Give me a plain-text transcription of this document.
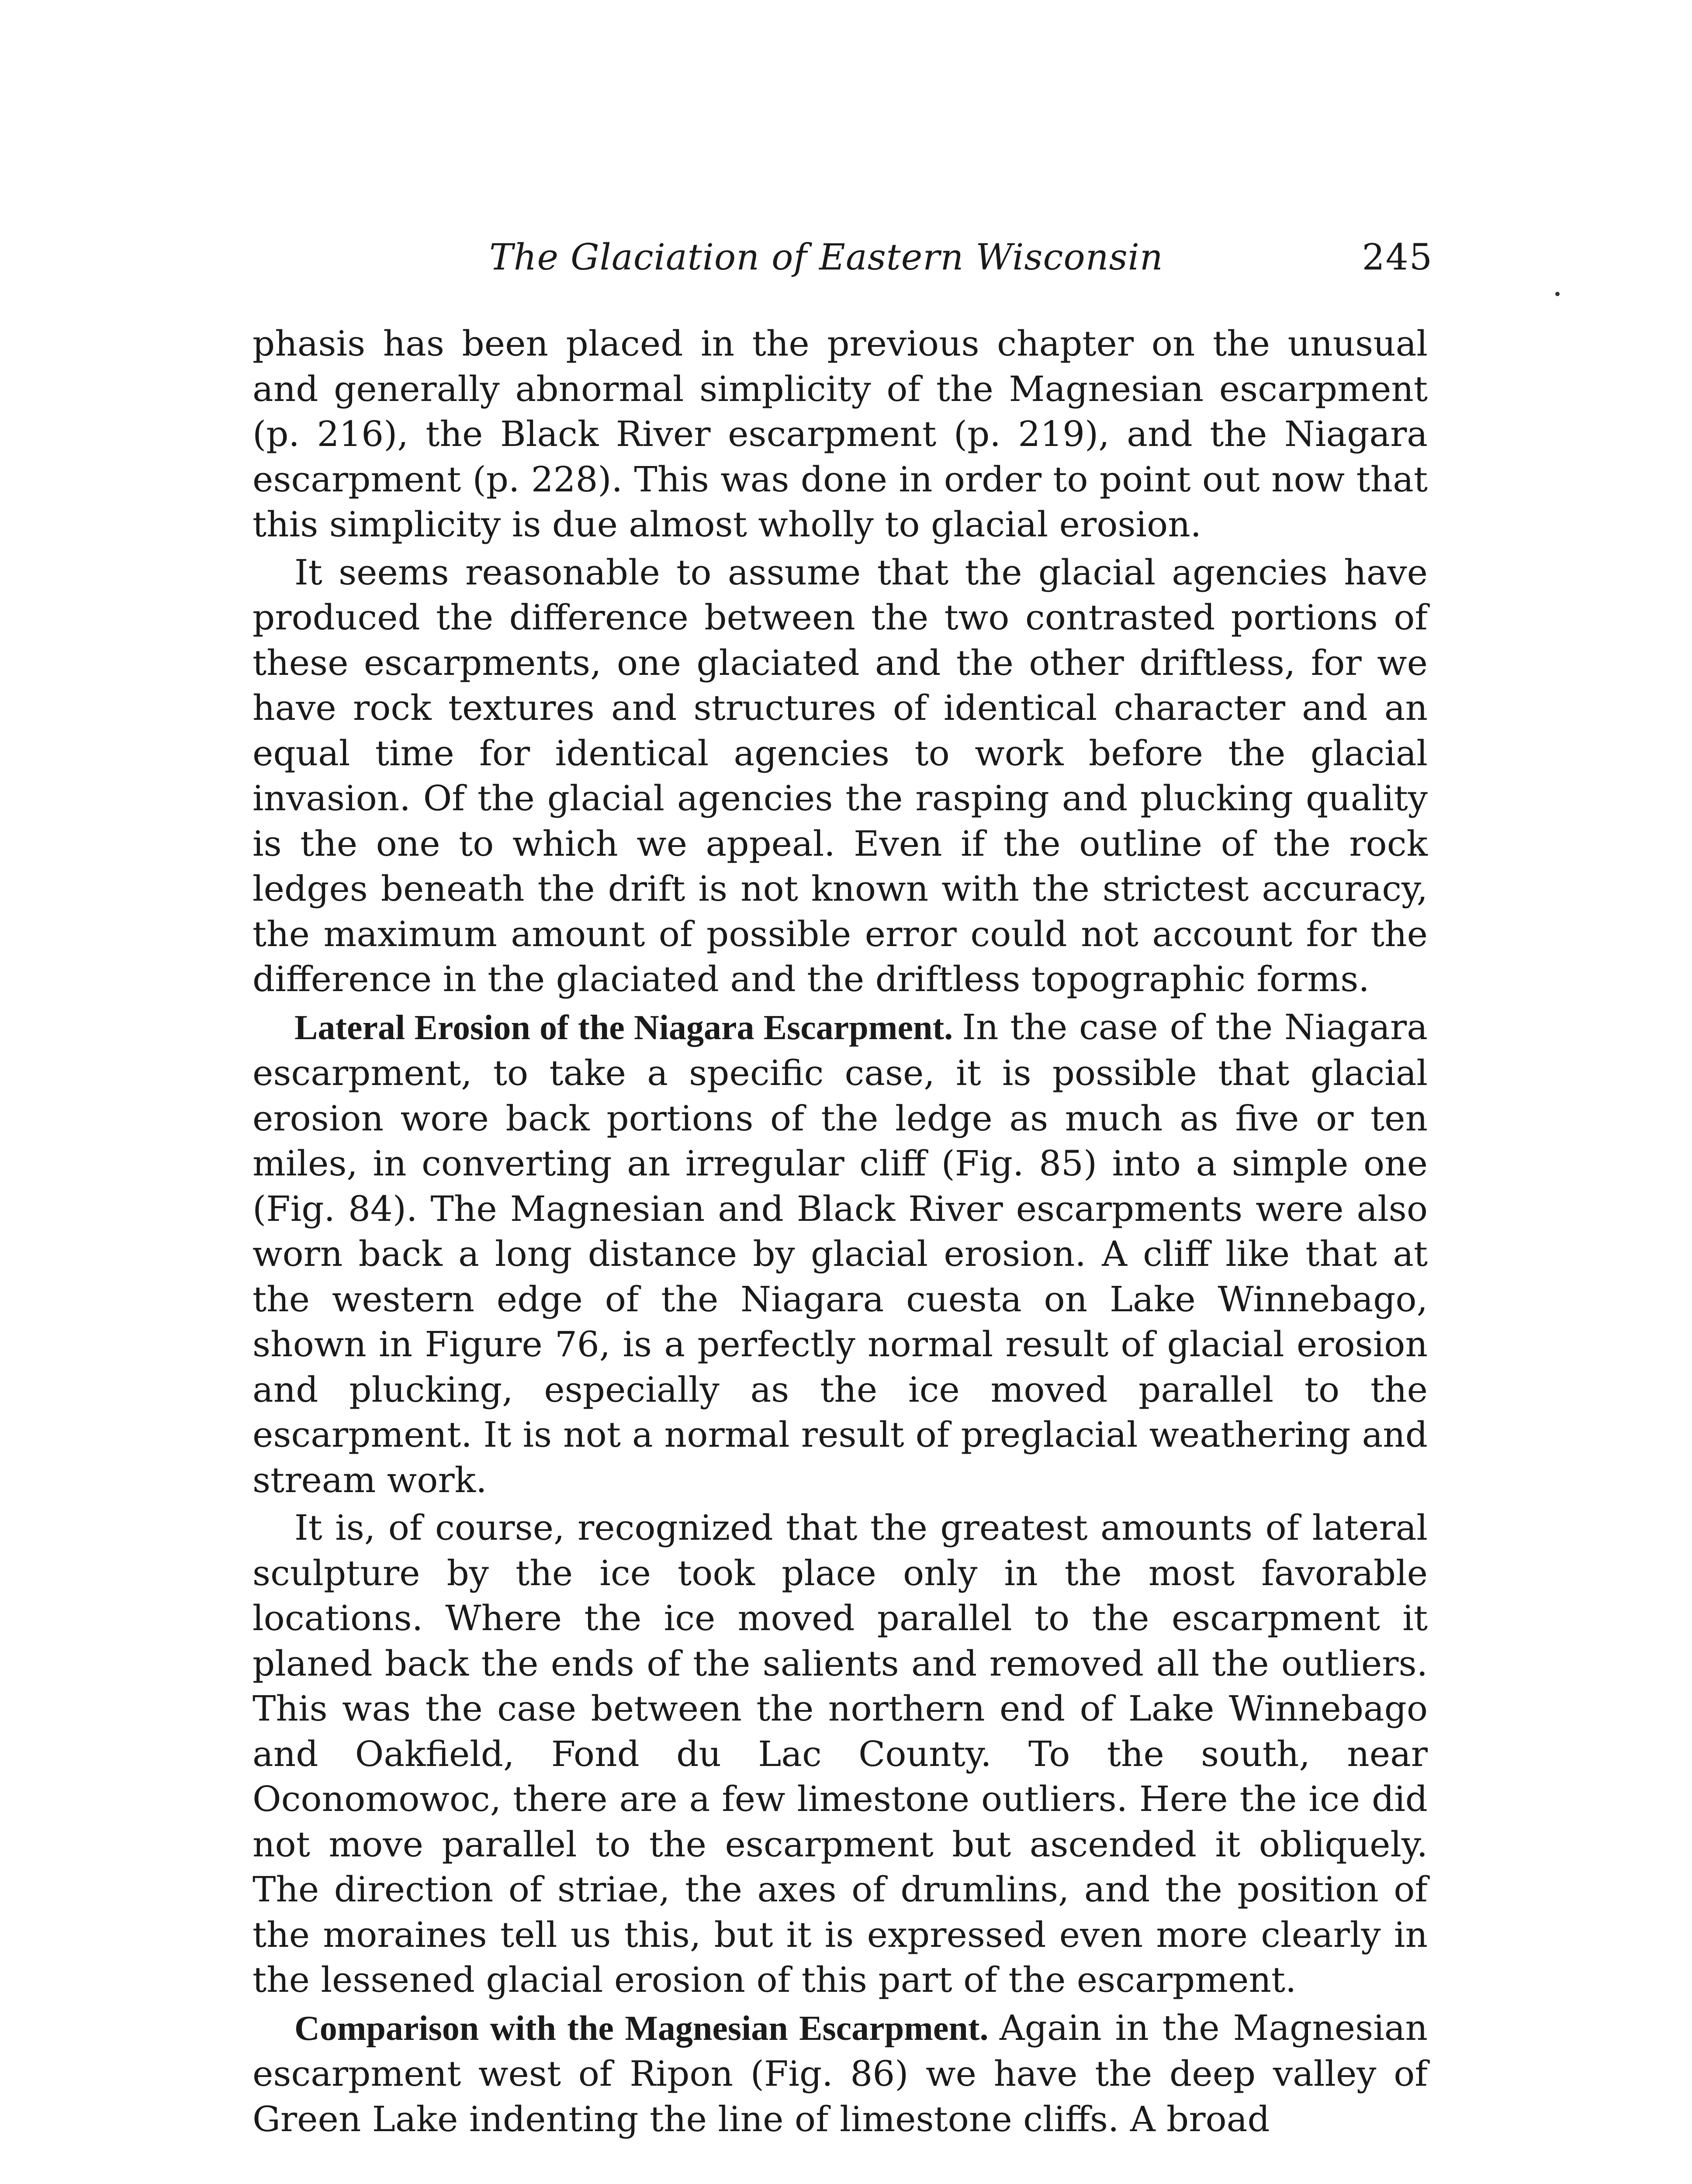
The Glaciation of Eastern Wisconsin	245

phasis has been placed in the previous chapter on the unusual and generally abnormal simplicity of the Magnesian escarpment (p. 216), the Black River escarpment (p. 219), and the Niagara escarpment (p. 228). This was done in order to point out now that this simplicity is due almost wholly to glacial erosion.

It seems reasonable to assume that the glacial agencies have produced the difference between the two contrasted portions of these escarpments, one glaciated and the other driftless, for we have rock textures and structures of identical character and an equal time for identical agencies to work before the glacial invasion. Of the glacial agencies the rasping and plucking quality is the one to which we appeal. Even if the outline of the rock ledges beneath the drift is not known with the strictest accuracy, the maximum amount of possible error could not account for the difference in the glaciated and the driftless topographic forms.

Lateral Erosion of the Niagara Escarpment. In the case of the Niagara escarpment, to take a specific case, it is possible that glacial erosion wore back portions of the ledge as much as five or ten miles, in converting an irregular cliff (Fig. 85) into a simple one (Fig. 84). The Magnesian and Black River escarpments were also worn back a long distance by glacial erosion. A cliff like that at the western edge of the Niagara cuesta on Lake Winnebago, shown in Figure 76, is a perfectly normal result of glacial erosion and plucking, especially as the ice moved parallel to the escarpment. It is not a normal result of preglacial weathering and stream work.

It is, of course, recognized that the greatest amounts of lateral sculpture by the ice took place only in the most favorable locations. Where the ice moved parallel to the escarpment it planed back the ends of the salients and removed all the outliers. This was the case between the northern end of Lake Winnebago and Oakfield, Fond du Lac County. To the south, near Oconomowoc, there are a few limestone outliers. Here the ice did not move parallel to the escarpment but ascended it obliquely. The direction of striae, the axes of drumlins, and the position of the moraines tell us this, but it is expressed even more clearly in the lessened glacial erosion of this part of the escarpment.

Comparison with the Magnesian Escarpment. Again in the Magnesian escarpment west of Ripon (Fig. 86) we have the deep valley of Green Lake indenting the line of limestone cliffs. A broad
